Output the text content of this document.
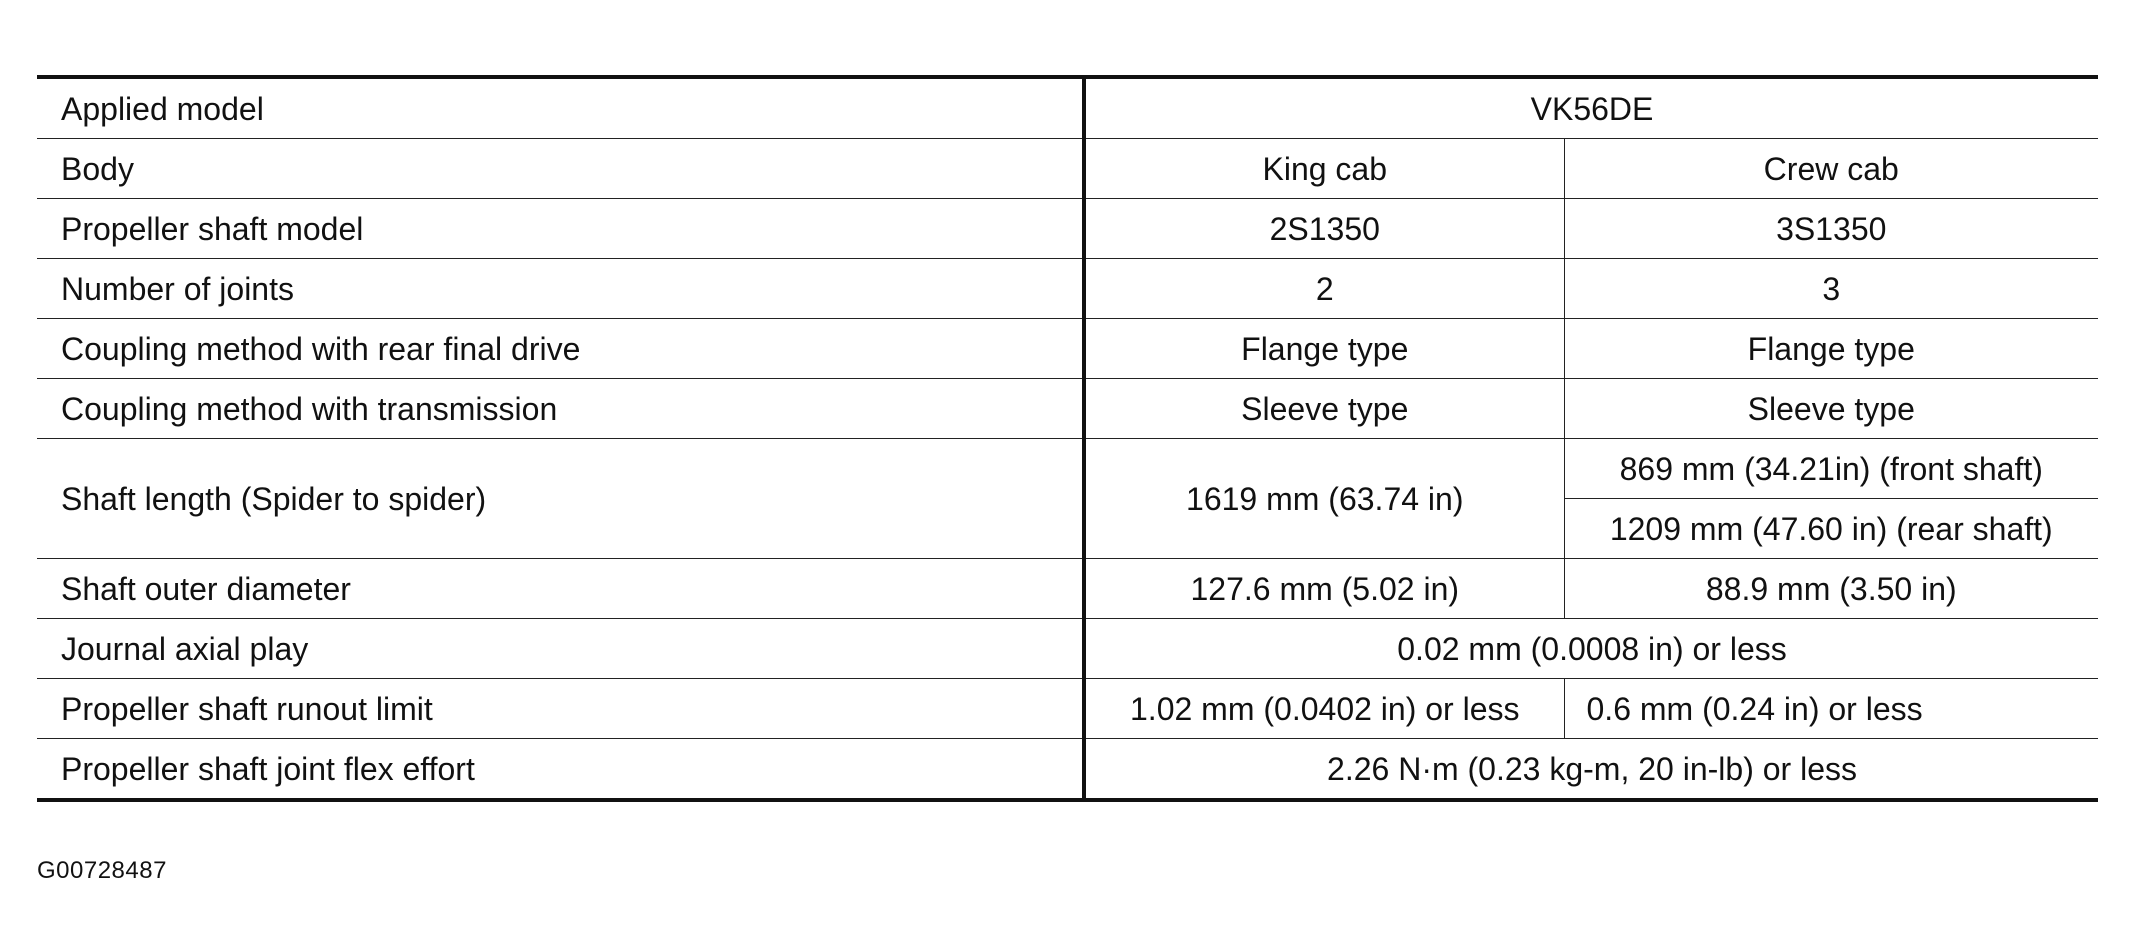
Applied model	VK56DE	
Body	King cab	Crew cab
Propeller shaft model	2S1350	3S1350
Number of joints	2	3
Coupling method with rear final drive	Flange type	Flange type
Coupling method with transmission	Sleeve type	Sleeve type
Shaft length (Spider to spider)	1619 mm (63.74 in)	869 mm (34.21in) (front shaft)
		1209 mm (47.60 in) (rear shaft)
Shaft outer diameter	127.6 mm (5.02 in)	88.9 mm (3.50 in)
Journal axial play	0.02 mm (0.0008 in) or less	
Propeller shaft runout limit	1.02 mm (0.0402 in) or less	0.6 mm (0.24 in) or less
Propeller shaft joint flex effort	2.26 N·m (0.23 kg-m, 20 in-lb) or less	
G00728487
